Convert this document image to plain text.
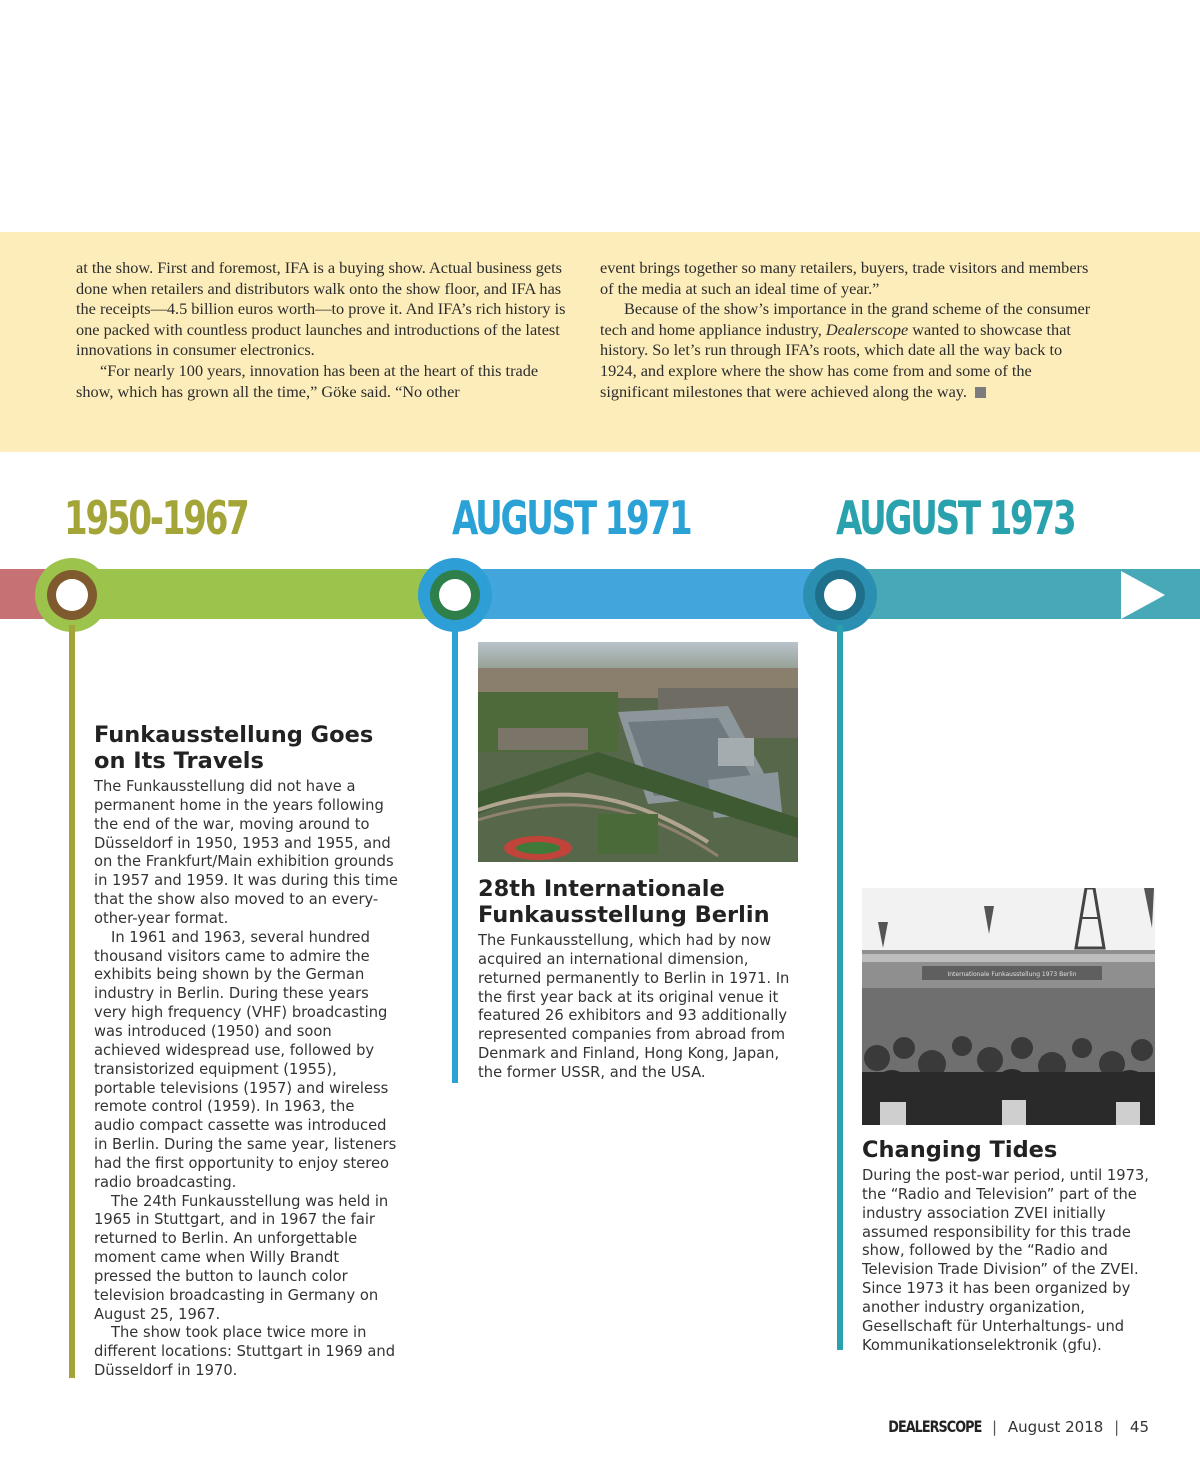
at the show. First and foremost, IFA is a buying show. Actual business gets done when retailers and distributors walk onto the show floor, and IFA has the receipts—4.5 billion euros worth—to prove it. And IFA’s rich history is one packed with countless product launches and introductions of the latest innovations in consumer electronics.

“For nearly 100 years, innovation has been at the heart of this trade show, which has grown all the time,” Göke said. “No other

event brings together so many retailers, buyers, trade visitors and members of the media at such an ideal time of year.”

Because of the show’s importance in the grand scheme of the consumer tech and home appliance industry, Dealerscope wanted to showcase that history. So let’s run through IFA’s roots, which date all the way back to 1924, and explore where the show has come from and some of the significant milestones that were achieved along the way.

1950-1967	AUGUST 1971	AUGUST 1973
Funkausstellung Goes
on Its Travels

The Funkausstellung did not have a permanent home in the years following the end of the war, moving around to Düsseldorf in 1950, 1953 and 1955, and on the Frankfurt/Main exhibition grounds in 1957 and 1959. It was during this time that the show also moved to an every-other-year format.

In 1961 and 1963, several hundred thousand visitors came to admire the exhibits being shown by the German industry in Berlin. During these years very high frequency (VHF) broadcasting was introduced (1950) and soon achieved widespread use, followed by transistorized equipment (1955), portable televisions (1957) and wireless remote control (1959). In 1963, the audio compact cassette was introduced in Berlin. During the same year, listeners had the first opportunity to enjoy stereo radio broadcasting.

The 24th Funkausstellung was held in 1965 in Stuttgart, and in 1967 the fair returned to Berlin. An unforgettable moment came when Willy Brandt pressed the button to launch color television broadcasting in Germany on August 25, 1967.

The show took place twice more in different locations: Stuttgart in 1969 and Düsseldorf in 1970.

28th Internationale
Funkausstellung Berlin

The Funkausstellung, which had by now acquired an international dimension, returned permanently to Berlin in 1971. In the first year back at its original venue it featured 26 exhibitors and 93 additionally represented companies from abroad from Denmark and Finland, Hong Kong, Japan, the former USSR, and the USA.

Internationale Funkausstellung 1973 Berlin
Changing Tides

During the post-war period, until 1973, the “Radio and Television” part of the industry association ZVEI initially assumed responsibility for this trade show, followed by the “Radio and Television Trade Division” of the ZVEI. Since 1973 it has been organized by another industry organization, Gesellschaft für Unterhaltungs- und Kommunikationselektronik (gfu).

DEALERSCOPE | August 2018 | 45
